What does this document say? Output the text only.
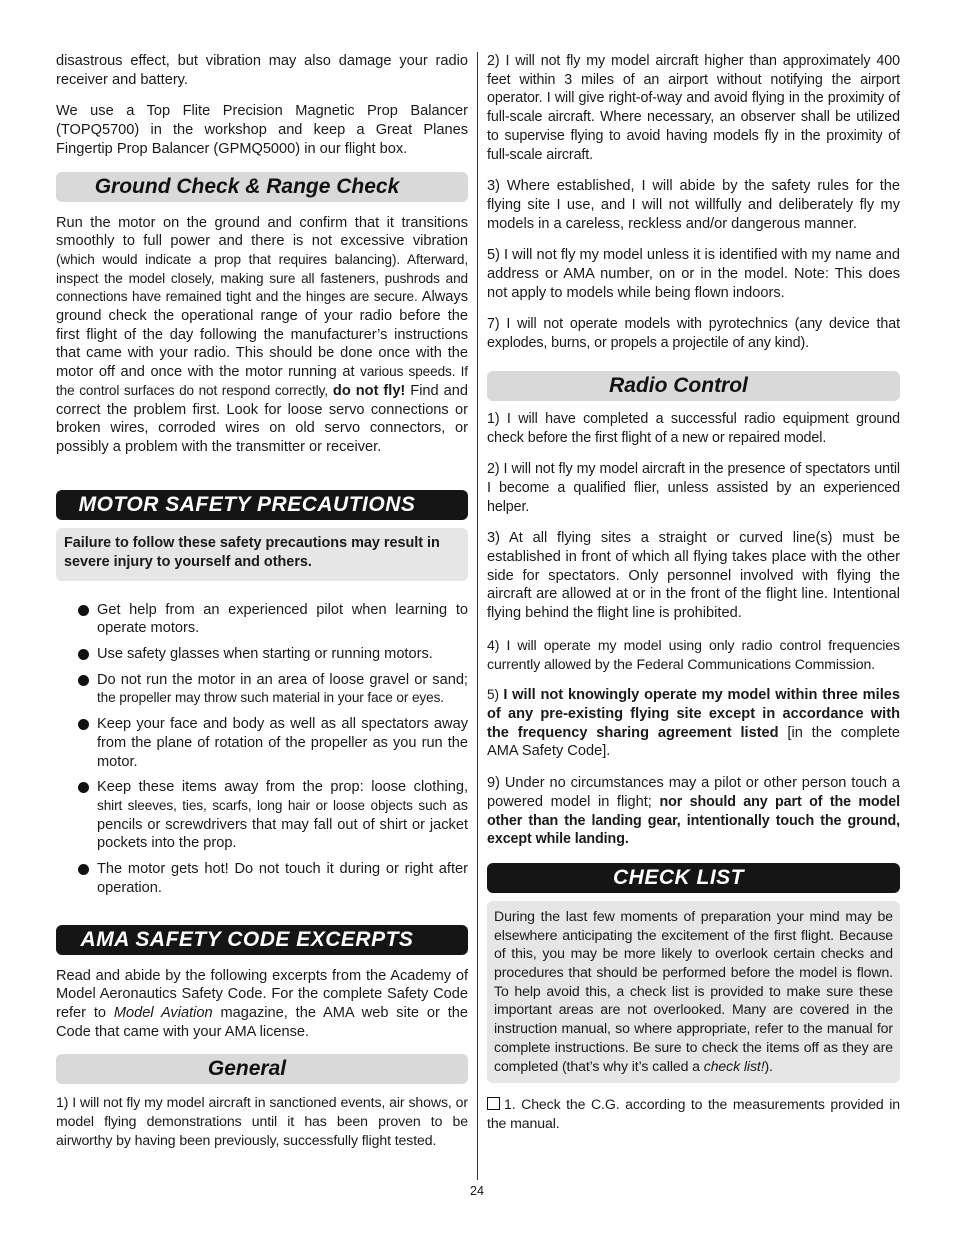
disastrous effect, but vibration may also damage your radio receiver and battery.

We use a Top Flite Precision Magnetic Prop Balancer (TOPQ5700) in the workshop and keep a Great Planes Fingertip Prop Balancer (GPMQ5000) in our flight box.

Ground Check & Range Check

Run the motor on the ground and confirm that it transitions smoothly to full power and there is not excessive vibration (which would indicate a prop that requires balancing). Afterward, inspect the model closely, making sure all fasteners, pushrods and connections have remained tight and the hinges are secure. Always ground check the operational range of your radio before the first flight of the day following the manufacturer’s instructions that came with your radio. This should be done once with the motor off and once with the motor running at various speeds. If the control surfaces do not respond correctly, do not fly! Find and correct the problem first. Look for loose servo connections or broken wires, corroded wires on old servo connectors, or possibly a problem with the transmitter or receiver.

MOTOR SAFETY PRECAUTIONS
Failure to follow these safety precautions may result in severe injury to yourself and others.
Get help from an experienced pilot when learning to operate motors.
Use safety glasses when starting or running motors.
Do not run the motor in an area of loose gravel or sand; the propeller may throw such material in your face or eyes.
Keep your face and body as well as all spectators away from the plane of rotation of the propeller as you run the motor.
Keep these items away from the prop: loose clothing, shirt sleeves, ties, scarfs, long hair or loose objects such as pencils or screwdrivers that may fall out of shirt or jacket pockets into the prop.
The motor gets hot! Do not touch it during or right after operation.
AMA SAFETY CODE EXCERPTS

Read and abide by the following excerpts from the Academy of Model Aeronautics Safety Code. For the complete Safety Code refer to Model Aviation magazine, the AMA web site or the Code that came with your AMA license.

General

1) I will not fly my model aircraft in sanctioned events, air shows, or model flying demonstrations until it has been proven to be airworthy by having been previously, successfully flight tested.

2) I will not fly my model aircraft higher than approximately 400 feet within 3 miles of an airport without notifying the airport operator. I will give right-of-way and avoid flying in the proximity of full-scale aircraft. Where necessary, an observer shall be utilized to supervise flying to avoid having models fly in the proximity of full-scale aircraft.

3) Where established, I will abide by the safety rules for the flying site I use, and I will not willfully and deliberately fly my models in a careless, reckless and/or dangerous manner.

5) I will not fly my model unless it is identified with my name and address or AMA number, on or in the model. Note: This does not apply to models while being flown indoors.

7) I will not operate models with pyrotechnics (any device that explodes, burns, or propels a projectile of any kind).

Radio Control

1) I will have completed a successful radio equipment ground check before the first flight of a new or repaired model.

2) I will not fly my model aircraft in the presence of spectators until I become a qualified flier, unless assisted by an experienced helper.

3) At all flying sites a straight or curved line(s) must be established in front of which all flying takes place with the other side for spectators. Only personnel involved with flying the aircraft are allowed at or in the front of the flight line. Intentional flying behind the flight line is prohibited.

4) I will operate my model using only radio control frequencies currently allowed by the Federal Communications Commission.

5) I will not knowingly operate my model within three miles of any pre-existing flying site except in accordance with the frequency sharing agreement listed [in the complete AMA Safety Code].

9) Under no circumstances may a pilot or other person touch a powered model in flight; nor should any part of the model other than the landing gear, intentionally touch the ground, except while landing.

CHECK LIST

During the last few moments of preparation your mind may be elsewhere anticipating the excitement of the first flight. Because of this, you may be more likely to overlook certain checks and procedures that should be performed before the model is flown. To help avoid this, a check list is provided to make sure these important areas are not overlooked. Many are covered in the instruction manual, so where appropriate, refer to the manual for complete instructions. Be sure to check the items off as they are completed (that’s why it’s called a check list!).

1. Check the C.G. according to the measurements provided in the manual.

24
